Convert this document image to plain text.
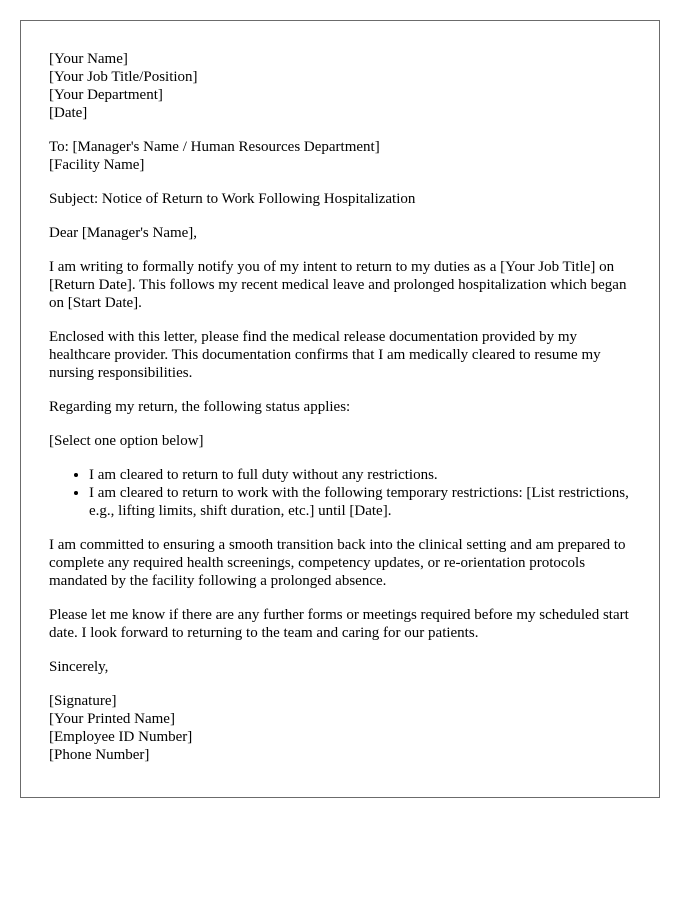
[Your Name]
[Your Job Title/Position]
[Your Department]
[Date]
To: [Manager's Name / Human Resources Department]
[Facility Name]

Subject: Notice of Return to Work Following Hospitalization

Dear [Manager's Name],

I am writing to formally notify you of my intent to return to my duties as a [Your Job Title] on [Return Date]. This follows my recent medical leave and prolonged hospitalization which began on [Start Date].

Enclosed with this letter, please find the medical release documentation provided by my healthcare provider. This documentation confirms that I am medically cleared to resume my nursing responsibilities.

Regarding my return, the following status applies:

[Select one option below]

• I am cleared to return to full duty without any restrictions.
• I am cleared to return to work with the following temporary restrictions: [List restrictions, e.g., lifting limits, shift duration, etc.] until [Date].

I am committed to ensuring a smooth transition back into the clinical setting and am prepared to complete any required health screenings, competency updates, or re-orientation protocols mandated by the facility following a prolonged absence.

Please let me know if there are any further forms or meetings required before my scheduled start date. I look forward to returning to the team and caring for our patients.

Sincerely,

[Signature]
[Your Printed Name]
[Employee ID Number]
[Phone Number]
